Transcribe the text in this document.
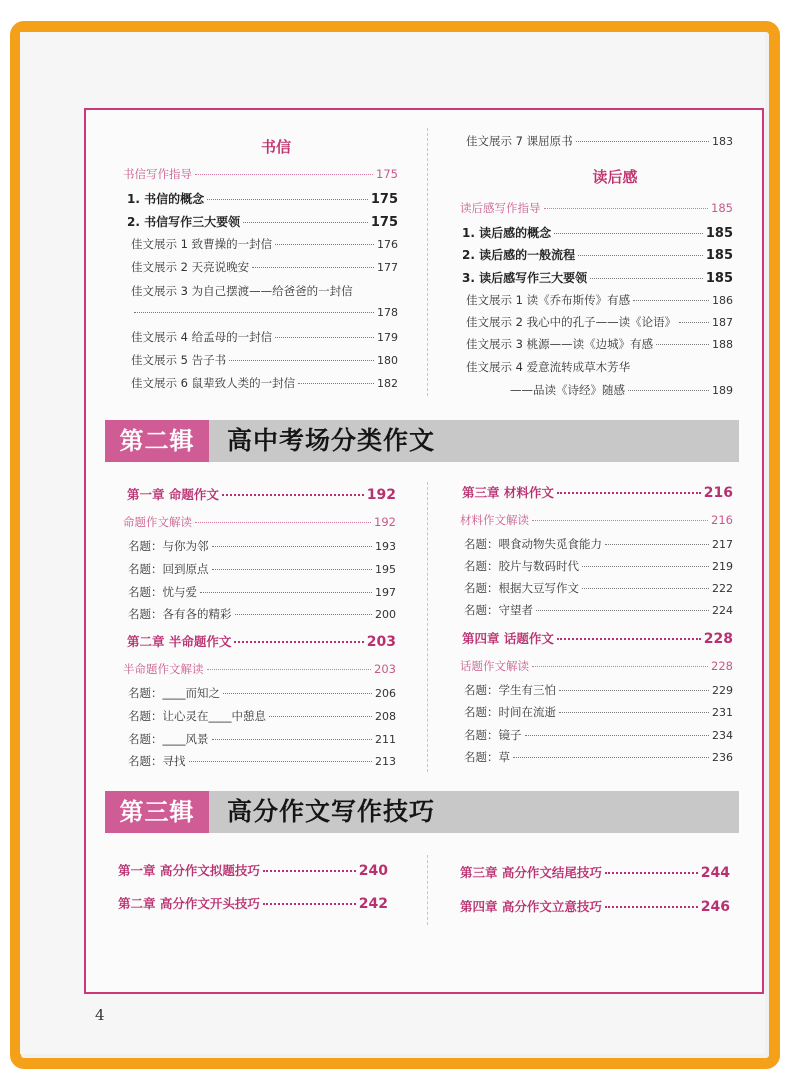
书信
书信写作指导	175
1. 书信的概念	175
2. 书信写作三大要领	175
佳文展示 1 致曹操的一封信	176
佳文展示 2 天亮说晚安	177
佳文展示 3 为自己摆渡——给爸爸的一封信
178
佳文展示 4 给孟母的一封信	179
佳文展示 5 告子书	180
佳文展示 6 鼠辈致人类的一封信	182
佳文展示 7 课屈原书	183
读后感
读后感写作指导	185
1. 读后感的概念	185
2. 读后感的一般流程	185
3. 读后感写作三大要领	185
佳文展示 1 读《乔布斯传》有感	186
佳文展示 2 我心中的孔子——读《论语》	187
佳文展示 3 桃源——读《边城》有感	188
佳文展示 4 爱意流转成草木芳华
——品读《诗经》随感	189
第二辑	高中考场分类作文
第一章 命题作文	192
命题作文解读	192
名题：与你为邻	193
名题：回到原点	195
名题：忧与爱	197
名题：各有各的精彩	200
第二章 半命题作文	203
半命题作文解读	203
名题：____而知之	206
名题：让心灵在____中憩息	208
名题：____风景	211
名题：寻找	213
第三章 材料作文	216
材料作文解读	216
名题：喂食动物失觅食能力	217
名题：胶片与数码时代	219
名题：根据大豆写作文	222
名题：守望者	224
第四章 话题作文	228
话题作文解读	228
名题：学生有三怕	229
名题：时间在流逝	231
名题：镜子	234
名题：草	236
第三辑	高分作文写作技巧
第一章 高分作文拟题技巧	240
第二章 高分作文开头技巧	242
第三章 高分作文结尾技巧	244
第四章 高分作文立意技巧	246
4
